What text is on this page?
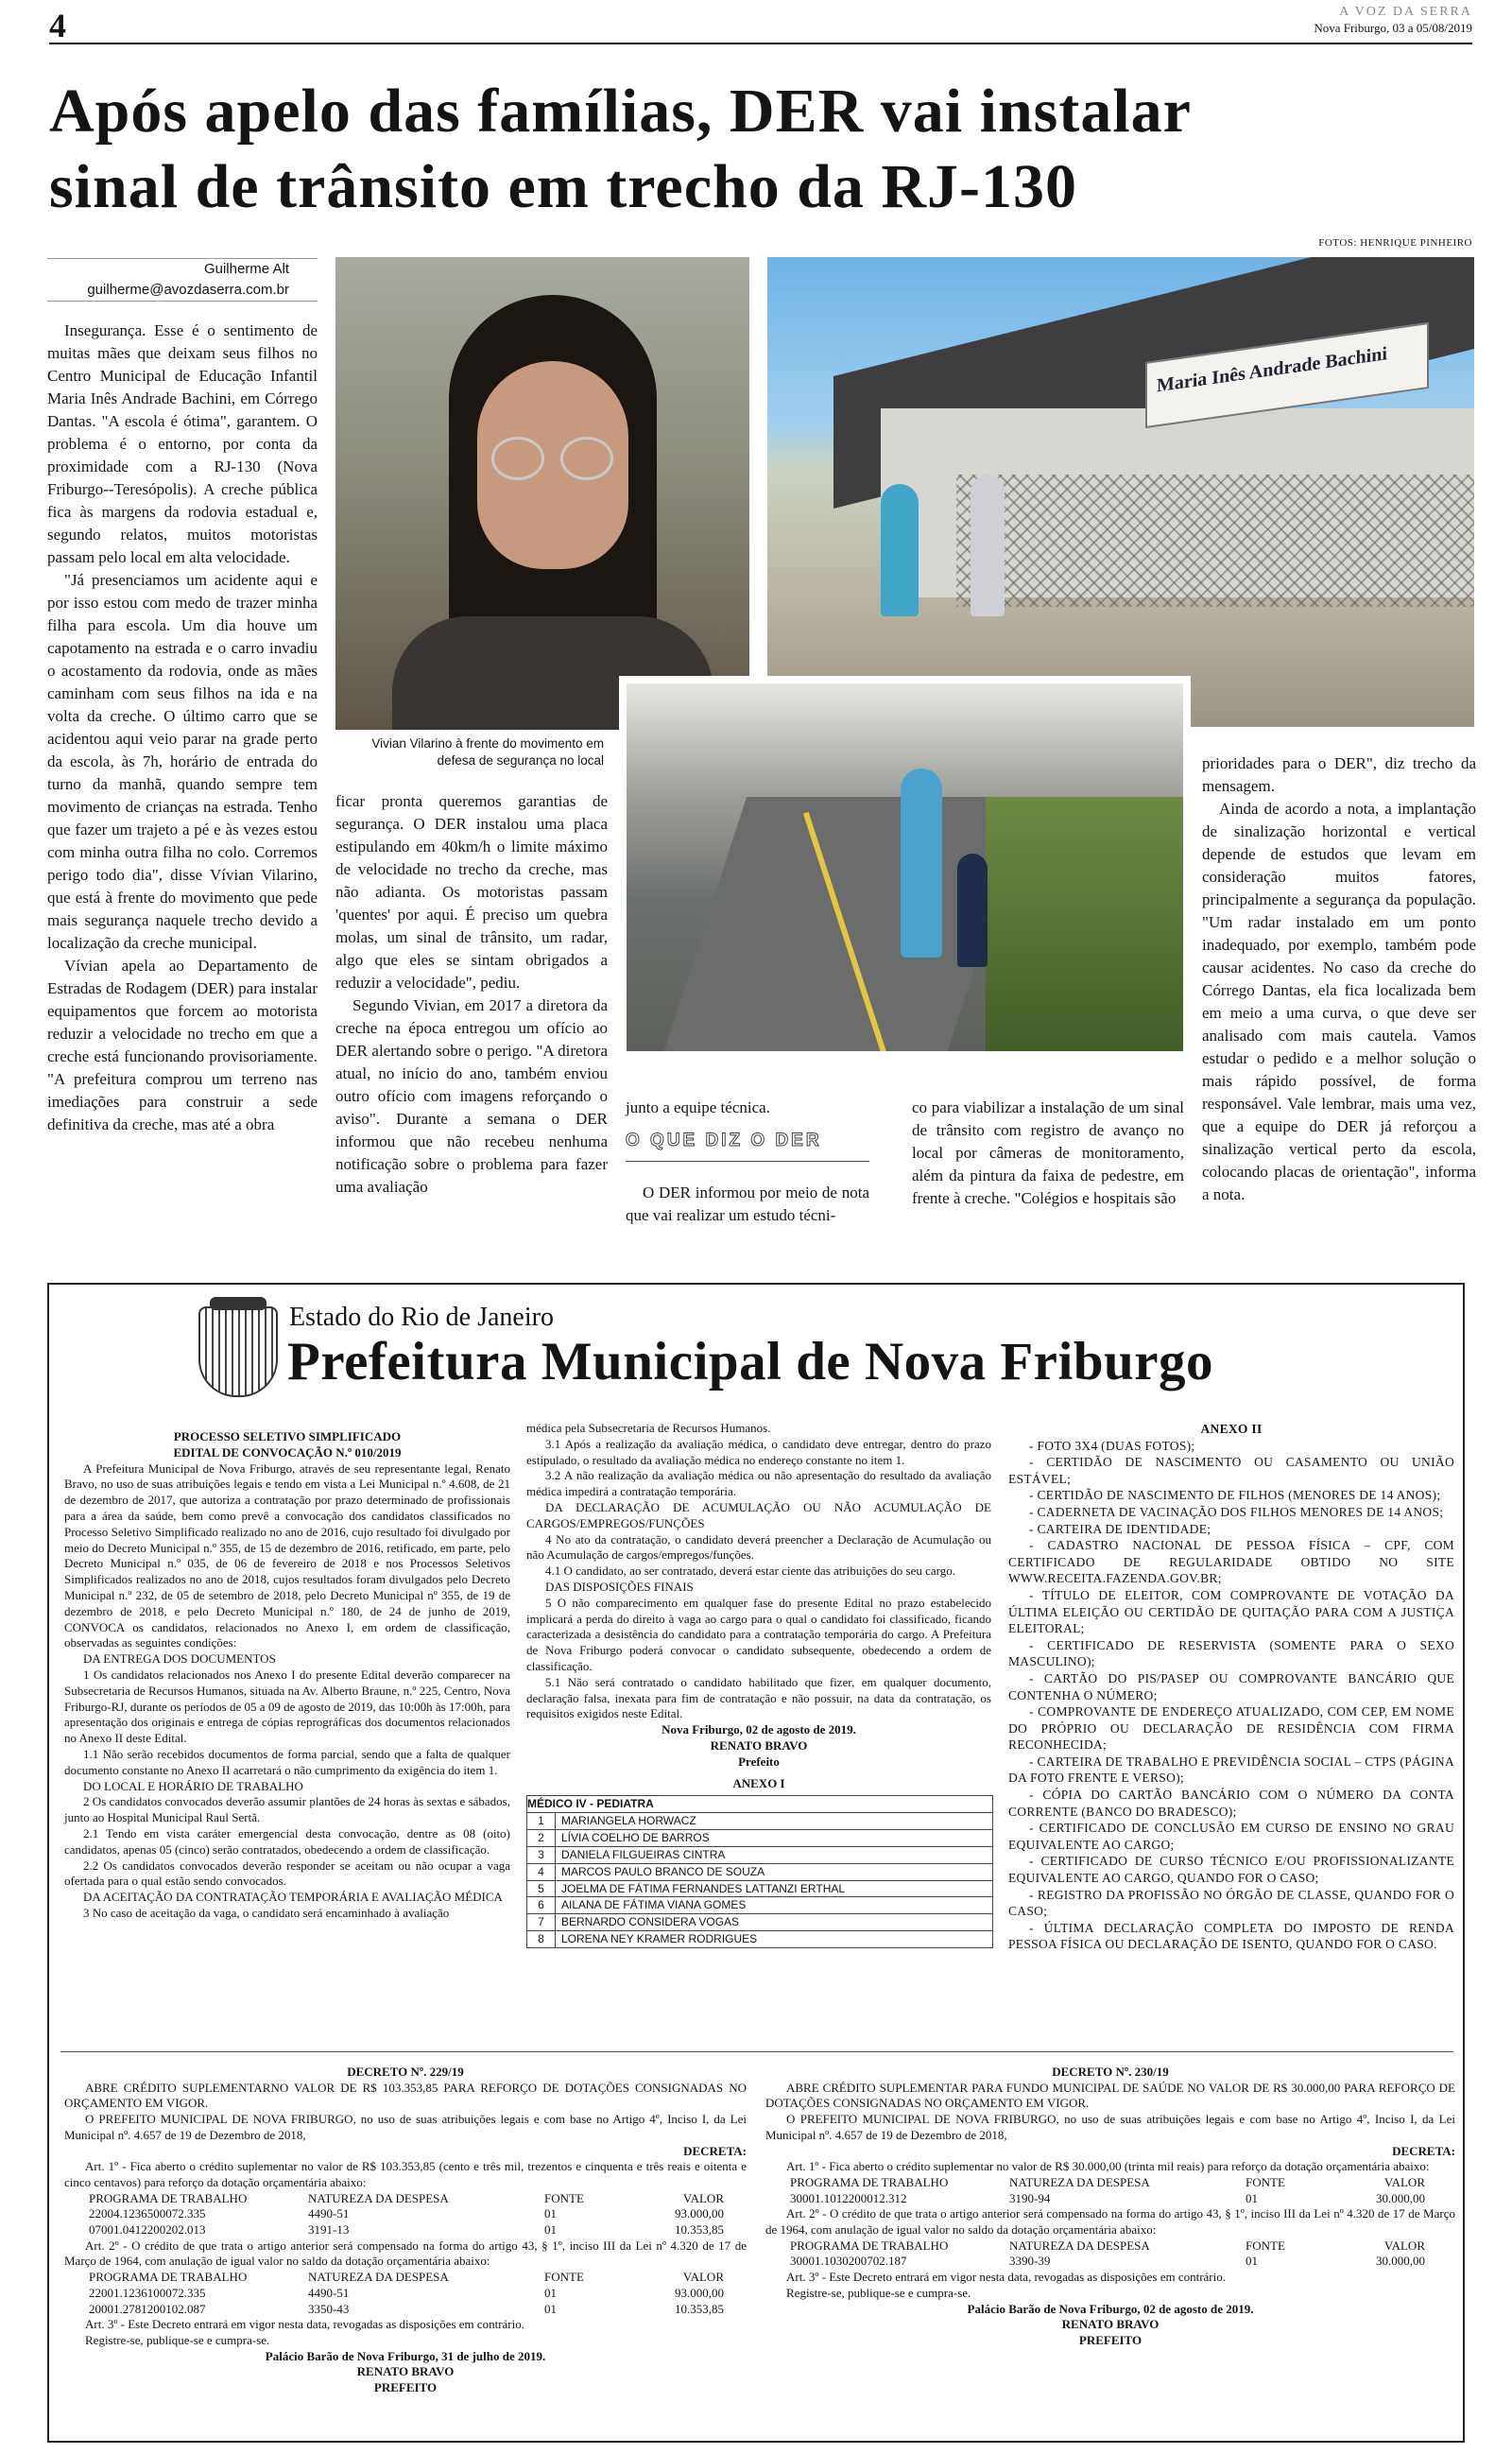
4	A VOZ DA SERRA
Nova Friburgo, 03 a 05/08/2019
Após apelo das famílias, DER vai instalar
sinal de trânsito em trecho da RJ-130
FOTOS: HENRIQUE PINHEIRO
Guilherme Alt
guilherme@avozdaserra.com.br

Insegurança. Esse é o sentimento de muitas mães que deixam seus filhos no Centro Municipal de Educação Infantil Maria Inês Andrade Bachini, em Córrego Dantas. "A escola é ótima", garantem. O problema é o entorno, por conta da proximidade com a RJ-130 (Nova Friburgo--Teresópolis). A creche pública fica às margens da rodovia estadual e, segundo relatos, muitos motoristas passam pelo local em alta velocidade.

"Já presenciamos um acidente aqui e por isso estou com medo de trazer minha filha para escola. Um dia houve um capotamento na estrada e o carro invadiu o acostamento da rodovia, onde as mães caminham com seus filhos na ida e na volta da creche. O último carro que se acidentou aqui veio parar na grade perto da escola, às 7h, horário de entrada do turno da manhã, quando sempre tem movimento de crianças na estrada. Tenho que fazer um trajeto a pé e às vezes estou com minha outra filha no colo. Corremos perigo todo dia", disse Vívian Vilarino, que está à frente do movimento que pede mais segurança naquele trecho devido a localização da creche municipal.

Vívian apela ao Departamento de Estradas de Rodagem (DER) para instalar equipamentos que forcem ao motorista reduzir a velocidade no trecho em que a creche está funcionando provisoriamente. "A prefeitura comprou um terreno nas imediações para construir a sede definitiva da creche, mas até a obra

Vivian Vilarino à frente do movimento em defesa de segurança no local
Maria Inês Andrade Bachini

ficar pronta queremos garantias de segurança. O DER instalou uma placa estipulando em 40km/h o limite máximo de velocidade no trecho da creche, mas não adianta. Os motoristas passam 'quentes' por aqui. É preciso um quebra molas, um sinal de trânsito, um radar, algo que eles se sintam obrigados a reduzir a velocidade", pediu.

Segundo Vivian, em 2017 a diretora da creche na época entregou um ofício ao DER alertando sobre o perigo. "A diretora atual, no início do ano, também enviou outro ofício com imagens reforçando o aviso". Durante a semana o DER informou que não recebeu nenhuma notificação sobre o problema para fazer uma avaliação

junto a equipe técnica.
O QUE DIZ O DER

O DER informou por meio de nota que vai realizar um estudo técni-

co para viabilizar a instalação de um sinal de trânsito com registro de avanço no local por câmeras de monitoramento, além da pintura da faixa de pedestre, em frente à creche. "Colégios e hospitais são

prioridades para o DER", diz trecho da mensagem.

Ainda de acordo a nota, a implantação de sinalização horizontal e vertical depende de estudos que levam em consideração muitos fatores, principalmente a segurança da população. "Um radar instalado em um ponto inadequado, por exemplo, também pode causar acidentes. No caso da creche do Córrego Dantas, ela fica localizada bem em meio a uma curva, o que deve ser analisado com mais cautela. Vamos estudar o pedido e a melhor solução o mais rápido possível, de forma responsável. Vale lembrar, mais uma vez, que a equipe do DER já reforçou a sinalização vertical perto da escola, colocando placas de orientação", informa a nota.

Estado do Rio de Janeiro
Prefeitura Municipal de Nova Friburgo
PROCESSO SELETIVO SIMPLIFICADO
EDITAL DE CONVOCAÇÃO N.º 010/2019
A Prefeitura Municipal de Nova Friburgo, através de seu representante legal, Renato Bravo, no uso de suas atribuições legais e tendo em vista a Lei Municipal n.º 4.608, de 21 de dezembro de 2017, que autoriza a contratação por prazo determinado de profissionais para a área da saúde, bem como prevê a convocação dos candidatos classificados no Processo Seletivo Simplificado realizado no ano de 2016, cujo resultado foi divulgado por meio do Decreto Municipal n.º 355, de 15 de dezembro de 2016, retificado, em parte, pelo Decreto Municipal n.º 035, de 06 de fevereiro de 2018 e nos Processos Seletivos Simplificados realizados no ano de 2018, cujos resultados foram divulgados pelo Decreto Municipal n.º 232, de 05 de setembro de 2018, pelo Decreto Municipal nº 355, de 19 de dezembro de 2018, e pelo Decreto Municipal n.º 180, de 24 de junho de 2019, CONVOCA os candidatos, relacionados no Anexo I, em ordem de classificação, observadas as seguintes condições:
DA ENTREGA DOS DOCUMENTOS
1 Os candidatos relacionados nos Anexo I do presente Edital deverão comparecer na Subsecretaria de Recursos Humanos, situada na Av. Alberto Braune, n.º 225, Centro, Nova Friburgo-RJ, durante os períodos de 05 a 09 de agosto de 2019, das 10:00h às 17:00h, para apresentação dos originais e entrega de cópias reprográficas dos documentos relacionados no Anexo II deste Edital.
1.1 Não serão recebidos documentos de forma parcial, sendo que a falta de qualquer documento constante no Anexo II acarretará o não cumprimento da exigência do item 1.
DO LOCAL E HORÁRIO DE TRABALHO
2 Os candidatos convocados deverão assumir plantões de 24 horas às sextas e sábados, junto ao Hospital Municipal Raul Sertã.
2.1 Tendo em vista caráter emergencial desta convocação, dentre as 08 (oito) candidatos, apenas 05 (cinco) serão contratados, obedecendo a ordem de classificação.
2.2 Os candidatos convocados deverão responder se aceitam ou não ocupar a vaga ofertada para o qual estão sendo convocados.
DA ACEITAÇÃO DA CONTRATAÇÃO TEMPORÁRIA E AVALIAÇÃO MÉDICA
3 No caso de aceitação da vaga, o candidato será encaminhado à avaliação
médica pela Subsecretaria de Recursos Humanos.
3.1 Após a realização da avaliação médica, o candidato deve entregar, dentro do prazo estipulado, o resultado da avaliação médica no endereço constante no item 1.
3.2 A não realização da avaliação médica ou não apresentação do resultado da avaliação médica impedirá a contratação temporária.
DA DECLARAÇÃO DE ACUMULAÇÃO OU NÃO ACUMULAÇÃO DE CARGOS/EMPREGOS/FUNÇÕES
4 No ato da contratação, o candidato deverá preencher a Declaração de Acumulação ou não Acumulação de cargos/empregos/funções.
4.1 O candidato, ao ser contratado, deverá estar ciente das atribuições do seu cargo.
DAS DISPOSIÇÕES FINAIS
5 O não comparecimento em qualquer fase do presente Edital no prazo estabelecido implicará a perda do direito à vaga ao cargo para o qual o candidato foi classificado, ficando caracterizada a desistência do candidato para a contratação temporária do cargo. A Prefeitura de Nova Friburgo poderá convocar o candidato subsequente, obedecendo a ordem de classificação.
5.1 Não será contratado o candidato habilitado que fizer, em qualquer documento, declaração falsa, inexata para fim de contratação e não possuir, na data da contratação, os requisitos exigidos neste Edital.
Nova Friburgo, 02 de agosto de 2019.
RENATO BRAVO
Prefeito
ANEXO I
MÉDICO IV - PEDIATRA	
1	MARIANGELA HORWACZ
2	LÍVIA COELHO DE BARROS
3	DANIELA FILGUEIRAS CINTRA
4	MARCOS PAULO BRANCO DE SOUZA
5	JOELMA DE FÁTIMA FERNANDES LATTANZI ERTHAL
6	AILANA DE FÁTIMA VIANA GOMES
7	BERNARDO CONSIDERA VOGAS
8	LORENA NEY KRAMER RODRIGUES
ANEXO II

- FOTO 3X4 (DUAS FOTOS);

- CERTIDÃO DE NASCIMENTO OU CASAMENTO OU UNIÃO ESTÁVEL;

- CERTIDÃO DE NASCIMENTO DE FILHOS (MENORES DE 14 ANOS);

- CADERNETA DE VACINAÇÃO DOS FILHOS MENORES DE 14 ANOS;

- CARTEIRA DE IDENTIDADE;

- CADASTRO NACIONAL DE PESSOA FÍSICA – CPF, COM CERTIFICADO DE REGULARIDADE OBTIDO NO SITE WWW.RECEITA.FAZENDA.GOV.BR;

- TÍTULO DE ELEITOR, COM COMPROVANTE DE VOTAÇÃO DA ÚLTIMA ELEIÇÃO OU CERTIDÃO DE QUITAÇÃO PARA COM A JUSTIÇA ELEITORAL;

- CERTIFICADO DE RESERVISTA (SOMENTE PARA O SEXO MASCULINO);

- CARTÃO DO PIS/PASEP OU COMPROVANTE BANCÁRIO QUE CONTENHA O NÚMERO;

- COMPROVANTE DE ENDEREÇO ATUALIZADO, COM CEP, EM NOME DO PRÓPRIO OU DECLARAÇÃO DE RESIDÊNCIA COM FIRMA RECONHECIDA;

- CARTEIRA DE TRABALHO E PREVIDÊNCIA SOCIAL – CTPS (PÁGINA DA FOTO FRENTE E VERSO);

- CÓPIA DO CARTÃO BANCÁRIO COM O NÚMERO DA CONTA CORRENTE (BANCO DO BRADESCO);

- CERTIFICADO DE CONCLUSÃO EM CURSO DE ENSINO NO GRAU EQUIVALENTE AO CARGO;

- CERTIFICADO DE CURSO TÉCNICO E/OU PROFISSIONALIZANTE EQUIVALENTE AO CARGO, QUANDO FOR O CASO;

- REGISTRO DA PROFISSÃO NO ÓRGÃO DE CLASSE, QUANDO FOR O CASO;

- ÚLTIMA DECLARAÇÃO COMPLETA DO IMPOSTO DE RENDA PESSOA FÍSICA OU DECLARAÇÃO DE ISENTO, QUANDO FOR O CASO.

DECRETO Nº. 229/19
ABRE CRÉDITO SUPLEMENTARNO VALOR DE R$ 103.353,85 PARA REFORÇO DE DOTAÇÕES CONSIGNADAS NO ORÇAMENTO EM VIGOR.
O PREFEITO MUNICIPAL DE NOVA FRIBURGO, no uso de suas atribuições legais e com base no Artigo 4º, Inciso I, da Lei Municipal nº. 4.657 de 19 de Dezembro de 2018,
DECRETA:
Art. 1º - Fica aberto o crédito suplementar no valor de R$ 103.353,85 (cento e três mil, trezentos e cinquenta e três reais e oitenta e cinco centavos) para reforço da dotação orçamentária abaixo:
PROGRAMA DE TRABALHO	NATUREZA DA DESPESA	FONTE	VALOR
22004.1236500072.335	4490-51	01	93.000,00
07001.0412200202.013	3191-13	01	10.353,85
Art. 2º - O crédito de que trata o artigo anterior será compensado na forma do artigo 43, § 1º, inciso III da Lei nº 4.320 de 17 de Março de 1964, com anulação de igual valor no saldo da dotação orçamentária abaixo:
PROGRAMA DE TRABALHO	NATUREZA DA DESPESA	FONTE	VALOR
22001.1236100072.335	4490-51	01	93.000,00
20001.2781200102.087	3350-43	01	10.353,85
Art. 3º - Este Decreto entrará em vigor nesta data, revogadas as disposições em contrário.
Registre-se, publique-se e cumpra-se.
Palácio Barão de Nova Friburgo, 31 de julho de 2019.
RENATO BRAVO
PREFEITO
DECRETO Nº. 230/19
ABRE CRÉDITO SUPLEMENTAR PARA FUNDO MUNICIPAL DE SAÚDE NO VALOR DE R$ 30.000,00 PARA REFORÇO DE DOTAÇÕES CONSIGNADAS NO ORÇAMENTO EM VIGOR.
O PREFEITO MUNICIPAL DE NOVA FRIBURGO, no uso de suas atribuições legais e com base no Artigo 4º, Inciso I, da Lei Municipal nº. 4.657 de 19 de Dezembro de 2018,
DECRETA:
Art. 1º - Fica aberto o crédito suplementar no valor de R$ 30.000,00 (trinta mil reais) para reforço da dotação orçamentária abaixo:
PROGRAMA DE TRABALHO	NATUREZA DA DESPESA	FONTE	VALOR
30001.1012200012.312	3190-94	01	30.000,00
Art. 2º - O crédito de que trata o artigo anterior será compensado na forma do artigo 43, § 1º, inciso III da Lei nº 4.320 de 17 de Março de 1964, com anulação de igual valor no saldo da dotação orçamentária abaixo:
PROGRAMA DE TRABALHO	NATUREZA DA DESPESA	FONTE	VALOR
30001.1030200702.187	3390-39	01	30.000,00
Art. 3º - Este Decreto entrará em vigor nesta data, revogadas as disposições em contrário.
Registre-se, publique-se e cumpra-se.
Palácio Barão de Nova Friburgo, 02 de agosto de 2019.
RENATO BRAVO
PREFEITO
